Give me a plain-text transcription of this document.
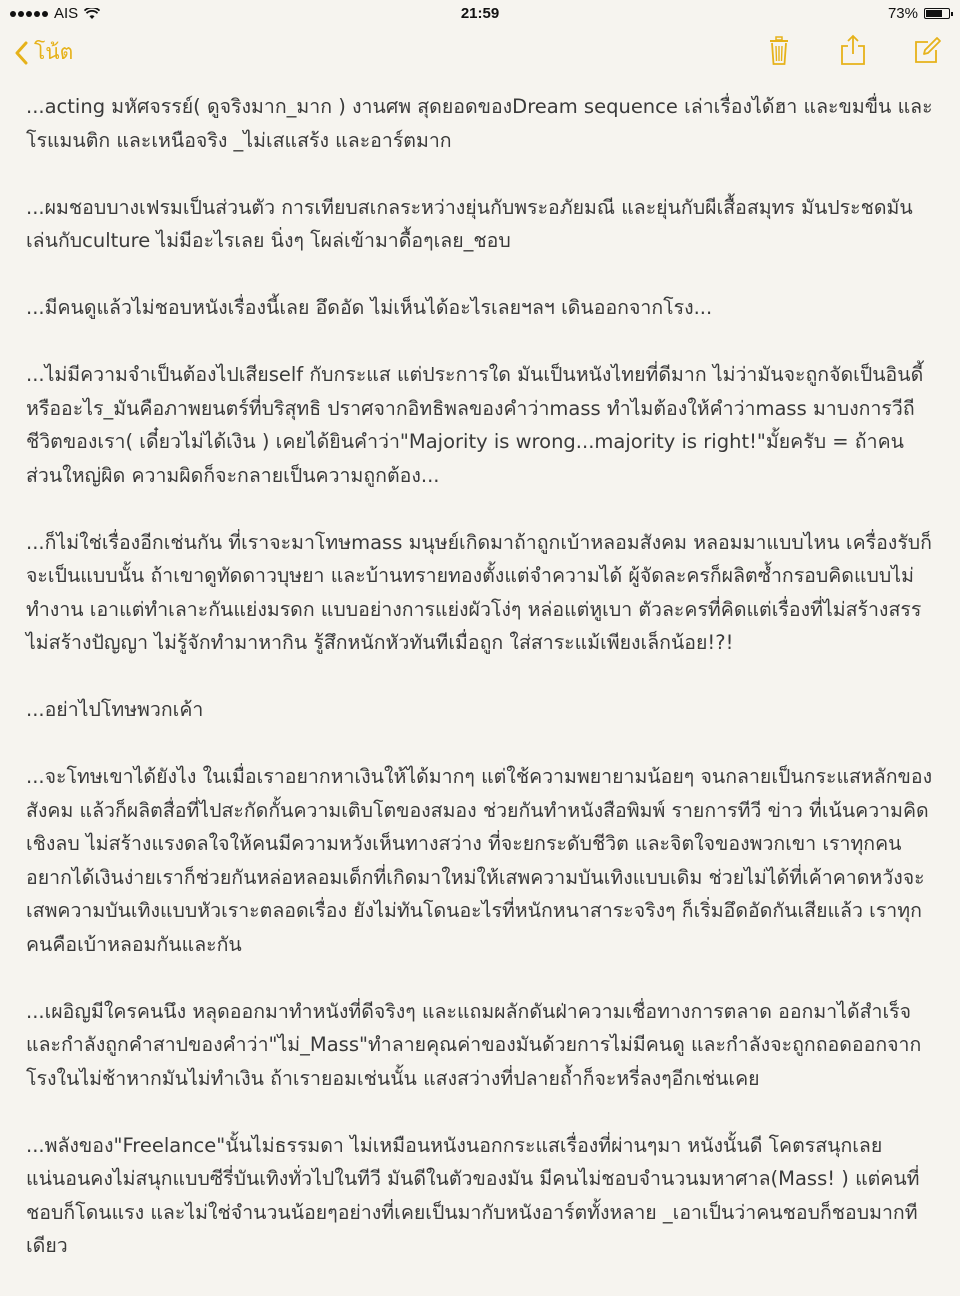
AIS	21:59	73%
โน้ต

...acting มหัศจรรย์( ดูจริงมาก_มาก ) งานศพ สุดยอดของDream sequence เล่าเรื่องได้ฮา และขมขื่น และโรแมนติก และเหนือจริง _ไม่เสแสร้ง และอาร์ตมาก

...ผมชอบบางเฟรมเป็นส่วนตัว การเทียบสเกลระหว่างยุ่นกับพระอภัยมณี และยุ่นกับผีเสื้อสมุทร มันประชดมันเล่นกับculture ไม่มีอะไรเลย นิ่งๆ โผล่เข้ามาดื้อๆเลย_ชอบ

...มีคนดูแล้วไม่ชอบหนังเรื่องนี้เลย อึดอัด ไม่เห็นได้อะไรเลยฯลฯ เดินออกจากโรง...

...ไม่มีความจำเป็นต้องไปเสียself กับกระแส แต่ประการใด มันเป็นหนังไทยที่ดีมาก ไม่ว่ามันจะถูกจัดเป็นอินดี้หรืออะไร_มันคือภาพยนตร์ที่บริสุทธิ ปราศจากอิทธิพลของคำว่าmass ทำไมต้องให้คำว่าmass มาบงการวีถีชีวิตของเรา( เดี๋ยวไม่ได้เงิน ) เคยได้ยินคำว่า"Majority is wrong...majority is right!"มั้ยครับ = ถ้าคนส่วนใหญ่ผิด ความผิดก็จะกลายเป็นความถูกต้อง...

...ก็ไม่ใช่เรื่องอีกเช่นกัน ที่เราจะมาโทษmass มนุษย์เกิดมาถ้าถูกเบ้าหลอมสังคม หลอมมาแบบไหน เครื่องรับก็จะเป็นแบบนั้น ถ้าเขาดูทัดดาวบุษยา และบ้านทรายทองตั้งแต่จำความได้ ผู้จัดละครก็ผลิตซ้ำกรอบคิดแบบไม่ทำงาน เอาแต่ทำเลาะกันแย่งมรดก แบบอย่างการแย่งผัวโง่ๆ หล่อแต่หูเบา ตัวละครที่คิดแต่เรื่องที่ไม่สร้างสรร ไม่สร้างปัญญา ไม่รู้จักทำมาหากิน รู้สึกหนักหัวทันทีเมื่อถูก ใส่สาระแม้เพียงเล็กน้อย!?!

...อย่าไปโทษพวกเค้า

...จะโทษเขาได้ยังไง ในเมื่อเราอยากหาเงินให้ได้มากๆ แต่ใช้ความพยายามน้อยๆ จนกลายเป็นกระแสหลักของสังคม แล้วก็ผลิตสื่อที่ไปสะกัดกั้นความเติบโตของสมอง ช่วยกันทำหนังสือพิมพ์ รายการทีวี ข่าว ที่เน้นความคิดเชิงลบ ไม่สร้างแรงดลใจให้คนมีความหวังเห็นทางสว่าง ที่จะยกระดับชีวิต และจิตใจของพวกเขา เราทุกคนอยากได้เงินง่ายเราก็ช่วยกันหล่อหลอมเด็กที่เกิดมาใหม่ให้เสพความบันเทิงแบบเดิม ช่วยไม่ได้ที่เค้าคาดหวังจะเสพความบันเทิงแบบหัวเราะตลอดเรื่อง ยังไม่ทันโดนอะไรที่หนักหนาสาระจริงๆ ก็เริ่มอึดอัดกันเสียแล้ว เราทุกคนคือเบ้าหลอมกันและกัน

...เผอิญมีใครคนนึง หลุดออกมาทำหนังที่ดีจริงๆ และแถมผลักดันฝ่าความเชื่อทางการตลาด ออกมาได้สำเร็จ และกำลังถูกคำสาปของคำว่า"ไม่_Mass"ทำลายคุณค่าของมันด้วยการไม่มีคนดู และกำลังจะถูกถอดออกจากโรงในไม่ช้าหากมันไม่ทำเงิน ถ้าเรายอมเช่นนั้น แสงสว่างที่ปลายถ้ำก็จะหรี่ลงๆอีกเช่นเคย

...พลังของ"Freelance"นั้นไม่ธรรมดา ไม่เหมือนหนังนอกกระแสเรื่องที่ผ่านๆมา หนังนั้นดี โคตรสนุกเลย แน่นอนคงไม่สนุกแบบซีรี่บันเทิงทั่วไปในทีวี มันดีในตัวของมัน มีคนไม่ชอบจำนวนมหาศาล(Mass! ) แต่คนที่ชอบก็โดนแรง และไม่ใช่จำนวนน้อยๆอย่างที่เคยเป็นมากับหนังอาร์ตทั้งหลาย _เอาเป็นว่าคนชอบก็ชอบมากทีเดียว
